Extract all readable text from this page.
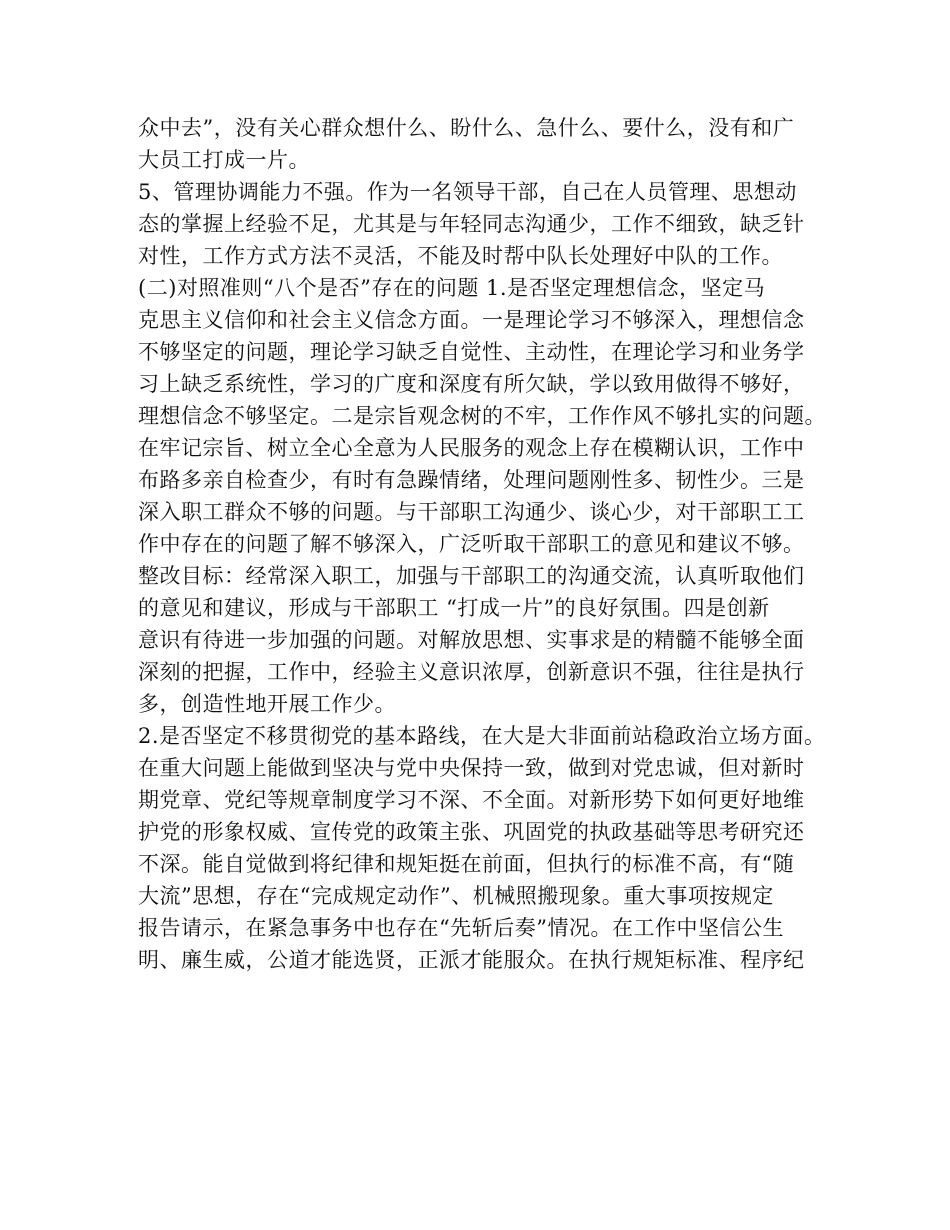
众中去”，没有关心群众想什么、盼什么、急什么、要什么，没有和广
大员工打成一片。
5、管理协调能力不强。作为一名领导干部，自己在人员管理、思想动
态的掌握上经验不足，尤其是与年轻同志沟通少，工作不细致，缺乏针
对性，工作方式方法不灵活，不能及时帮中队长处理好中队的工作。
(二)对照准则“八个是否”存在的问题 1.是否坚定理想信念，坚定马
克思主义信仰和社会主义信念方面。一是理论学习不够深入，理想信念
不够坚定的问题，理论学习缺乏自觉性、主动性，在理论学习和业务学
习上缺乏系统性，学习的广度和深度有所欠缺，学以致用做得不够好，
理想信念不够坚定。二是宗旨观念树的不牢，工作作风不够扎实的问题。
在牢记宗旨、树立全心全意为人民服务的观念上存在模糊认识，工作中
布路多亲自检查少，有时有急躁情绪，处理问题刚性多、韧性少。三是
深入职工群众不够的问题。与干部职工沟通少、谈心少，对干部职工工
作中存在的问题了解不够深入，广泛听取干部职工的意见和建议不够。
整改目标：经常深入职工，加强与干部职工的沟通交流，认真听取他们
的意见和建议，形成与干部职工 “打成一片”的良好氛围。四是创新
意识有待进一步加强的问题。对解放思想、实事求是的精髓不能够全面
深刻的把握，工作中，经验主义意识浓厚，创新意识不强，往往是执行
多，创造性地开展工作少。
2.是否坚定不移贯彻党的基本路线，在大是大非面前站稳政治立场方面。
在重大问题上能做到坚决与党中央保持一致，做到对党忠诚，但对新时
期党章、党纪等规章制度学习不深、不全面。对新形势下如何更好地维
护党的形象权威、宣传党的政策主张、巩固党的执政基础等思考研究还
不深。能自觉做到将纪律和规矩挺在前面，但执行的标准不高，有“随
大流”思想，存在“完成规定动作”、机械照搬现象。重大事项按规定
报告请示，在紧急事务中也存在“先斩后奏”情况。在工作中坚信公生
明、廉生威，公道才能选贤，正派才能服众。在执行规矩标准、程序纪
